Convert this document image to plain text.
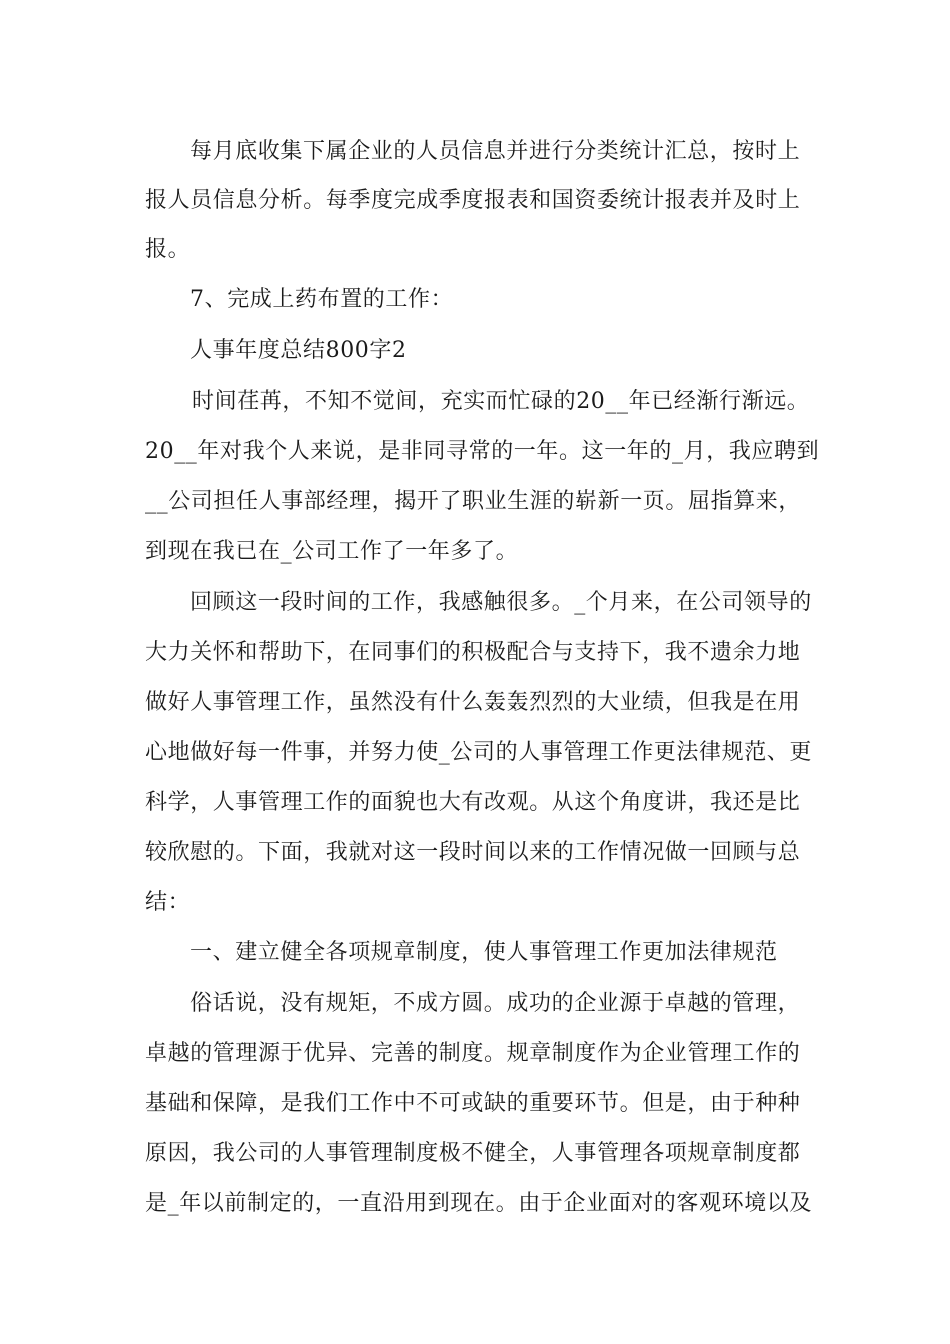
每月底收集下属企业的人员信息并进行分类统计汇总，按时上
报人员信息分析。每季度完成季度报表和国资委统计报表并及时上
报。
7、完成上药布置的工作：
人事年度总结800字2
时间荏苒，不知不觉间，充实而忙碌的20__年已经渐行渐远。
20__年对我个人来说，是非同寻常的一年。这一年的_月，我应聘到
__公司担任人事部经理，揭开了职业生涯的崭新一页。屈指算来，
到现在我已在_公司工作了一年多了。
回顾这一段时间的工作，我感触很多。_个月来，在公司领导的
大力关怀和帮助下，在同事们的积极配合与支持下，我不遗余力地
做好人事管理工作，虽然没有什么轰轰烈烈的大业绩，但我是在用
心地做好每一件事，并努力使_公司的人事管理工作更法律规范、更
科学，人事管理工作的面貌也大有改观。从这个角度讲，我还是比
较欣慰的。下面，我就对这一段时间以来的工作情况做一回顾与总
结：
一、建立健全各项规章制度，使人事管理工作更加法律规范
俗话说，没有规矩，不成方圆。成功的企业源于卓越的管理，
卓越的管理源于优异、完善的制度。规章制度作为企业管理工作的
基础和保障，是我们工作中不可或缺的重要环节。但是，由于种种
原因，我公司的人事管理制度极不健全，人事管理各项规章制度都
是_年以前制定的，一直沿用到现在。由于企业面对的客观环境以及
